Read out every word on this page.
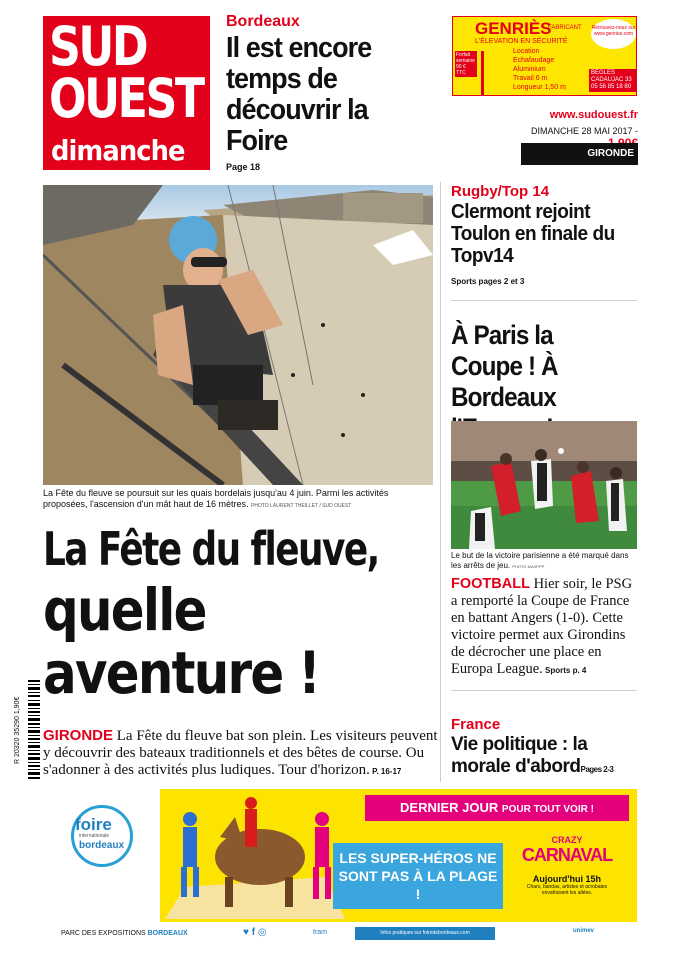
SUD
OUEST
dimanche
Bordeaux
Il est encore temps de découvrir la Foire
Page 18
GENRIÈS
FABRICANT
L'ÉLEVATION EN SÉCURITÉ
Retrouvez-nous sur www.genries.com
Forfait semaine 90 € TTC
Location
Echafaudage
Aluminium
Travail 6 m
Longueur 1,50 m
BÈGLES CADAUJAC 33 05 56 85 18 80
www.sudouest.fr
DIMANCHE 28 MAI 2017 -
GIRONDE
La Fête du fleuve se poursuit sur les quais bordelais jusqu'au 4 juin. Parmi les activités proposées, l'ascension d'un mât haut de 16 mètres. PHOTO LAURENT THEILLET / SUD OUEST
La Fête du fleuve,
quelle
aventure !
GIRONDE La Fête du fleuve bat son plein. Les visiteurs peuvent y découvrir des bateaux traditionnels et des bêtes de course. Ou s'adonner à des activités plus ludiques. Tour d'horizon. P. 16-17
R 20320 35290 1,90€
Rugby/Top 14
Clermont rejoint Toulon en finale du Topv14
Sports pages 2 et 3
À Paris la Coupe ! À Bordeaux
Le but de la victoire parisienne a été marqué dans les arrêts de jeu. PHOTO MAXPPP
FOOTBALL Hier soir, le PSG a remporté la Coupe de France en battant Angers (1-0). Cette victoire permet aux Girondins de décrocher une place en Europa League. Sports p. 4
France
Vie politique : la morale d'abordPages 2-3
foire
internationale
bordeaux
DERNIER JOUR POUR TOUT VOIR !
LES SUPER-HÉROS NE SONT PAS À LA PLAGE !
CRAZY
CARNAVAL
Aujourd'hui 15h
Chars, bandas, artistes et acrobates envahissent les allées.
PARC DES EXPOSITIONS BORDEAUX	♥ f ◎	tram	Infos pratiques sur foiredebordeaux.com	unimev
